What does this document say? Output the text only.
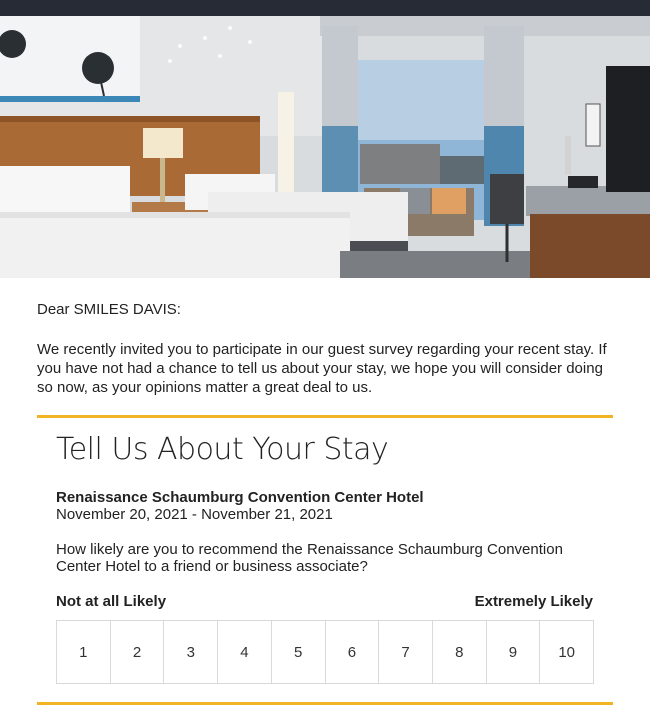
Dear SMILES DAVIS:

We recently invited you to participate in our guest survey regarding your recent stay. If you have not had a chance to tell us about your stay, we hope you will consider doing so now, as your opinions matter a great deal to us.

Tell Us About Your Stay
Renaissance Schaumburg Convention Center Hotel
November 20, 2021 - November 21, 2021

How likely are you to recommend the Renaissance Schaumburg Convention Center Hotel to a friend or business associate?

Not at all Likely	Extremely Likely
1	2	3	4	5	6	7	8	9	10
